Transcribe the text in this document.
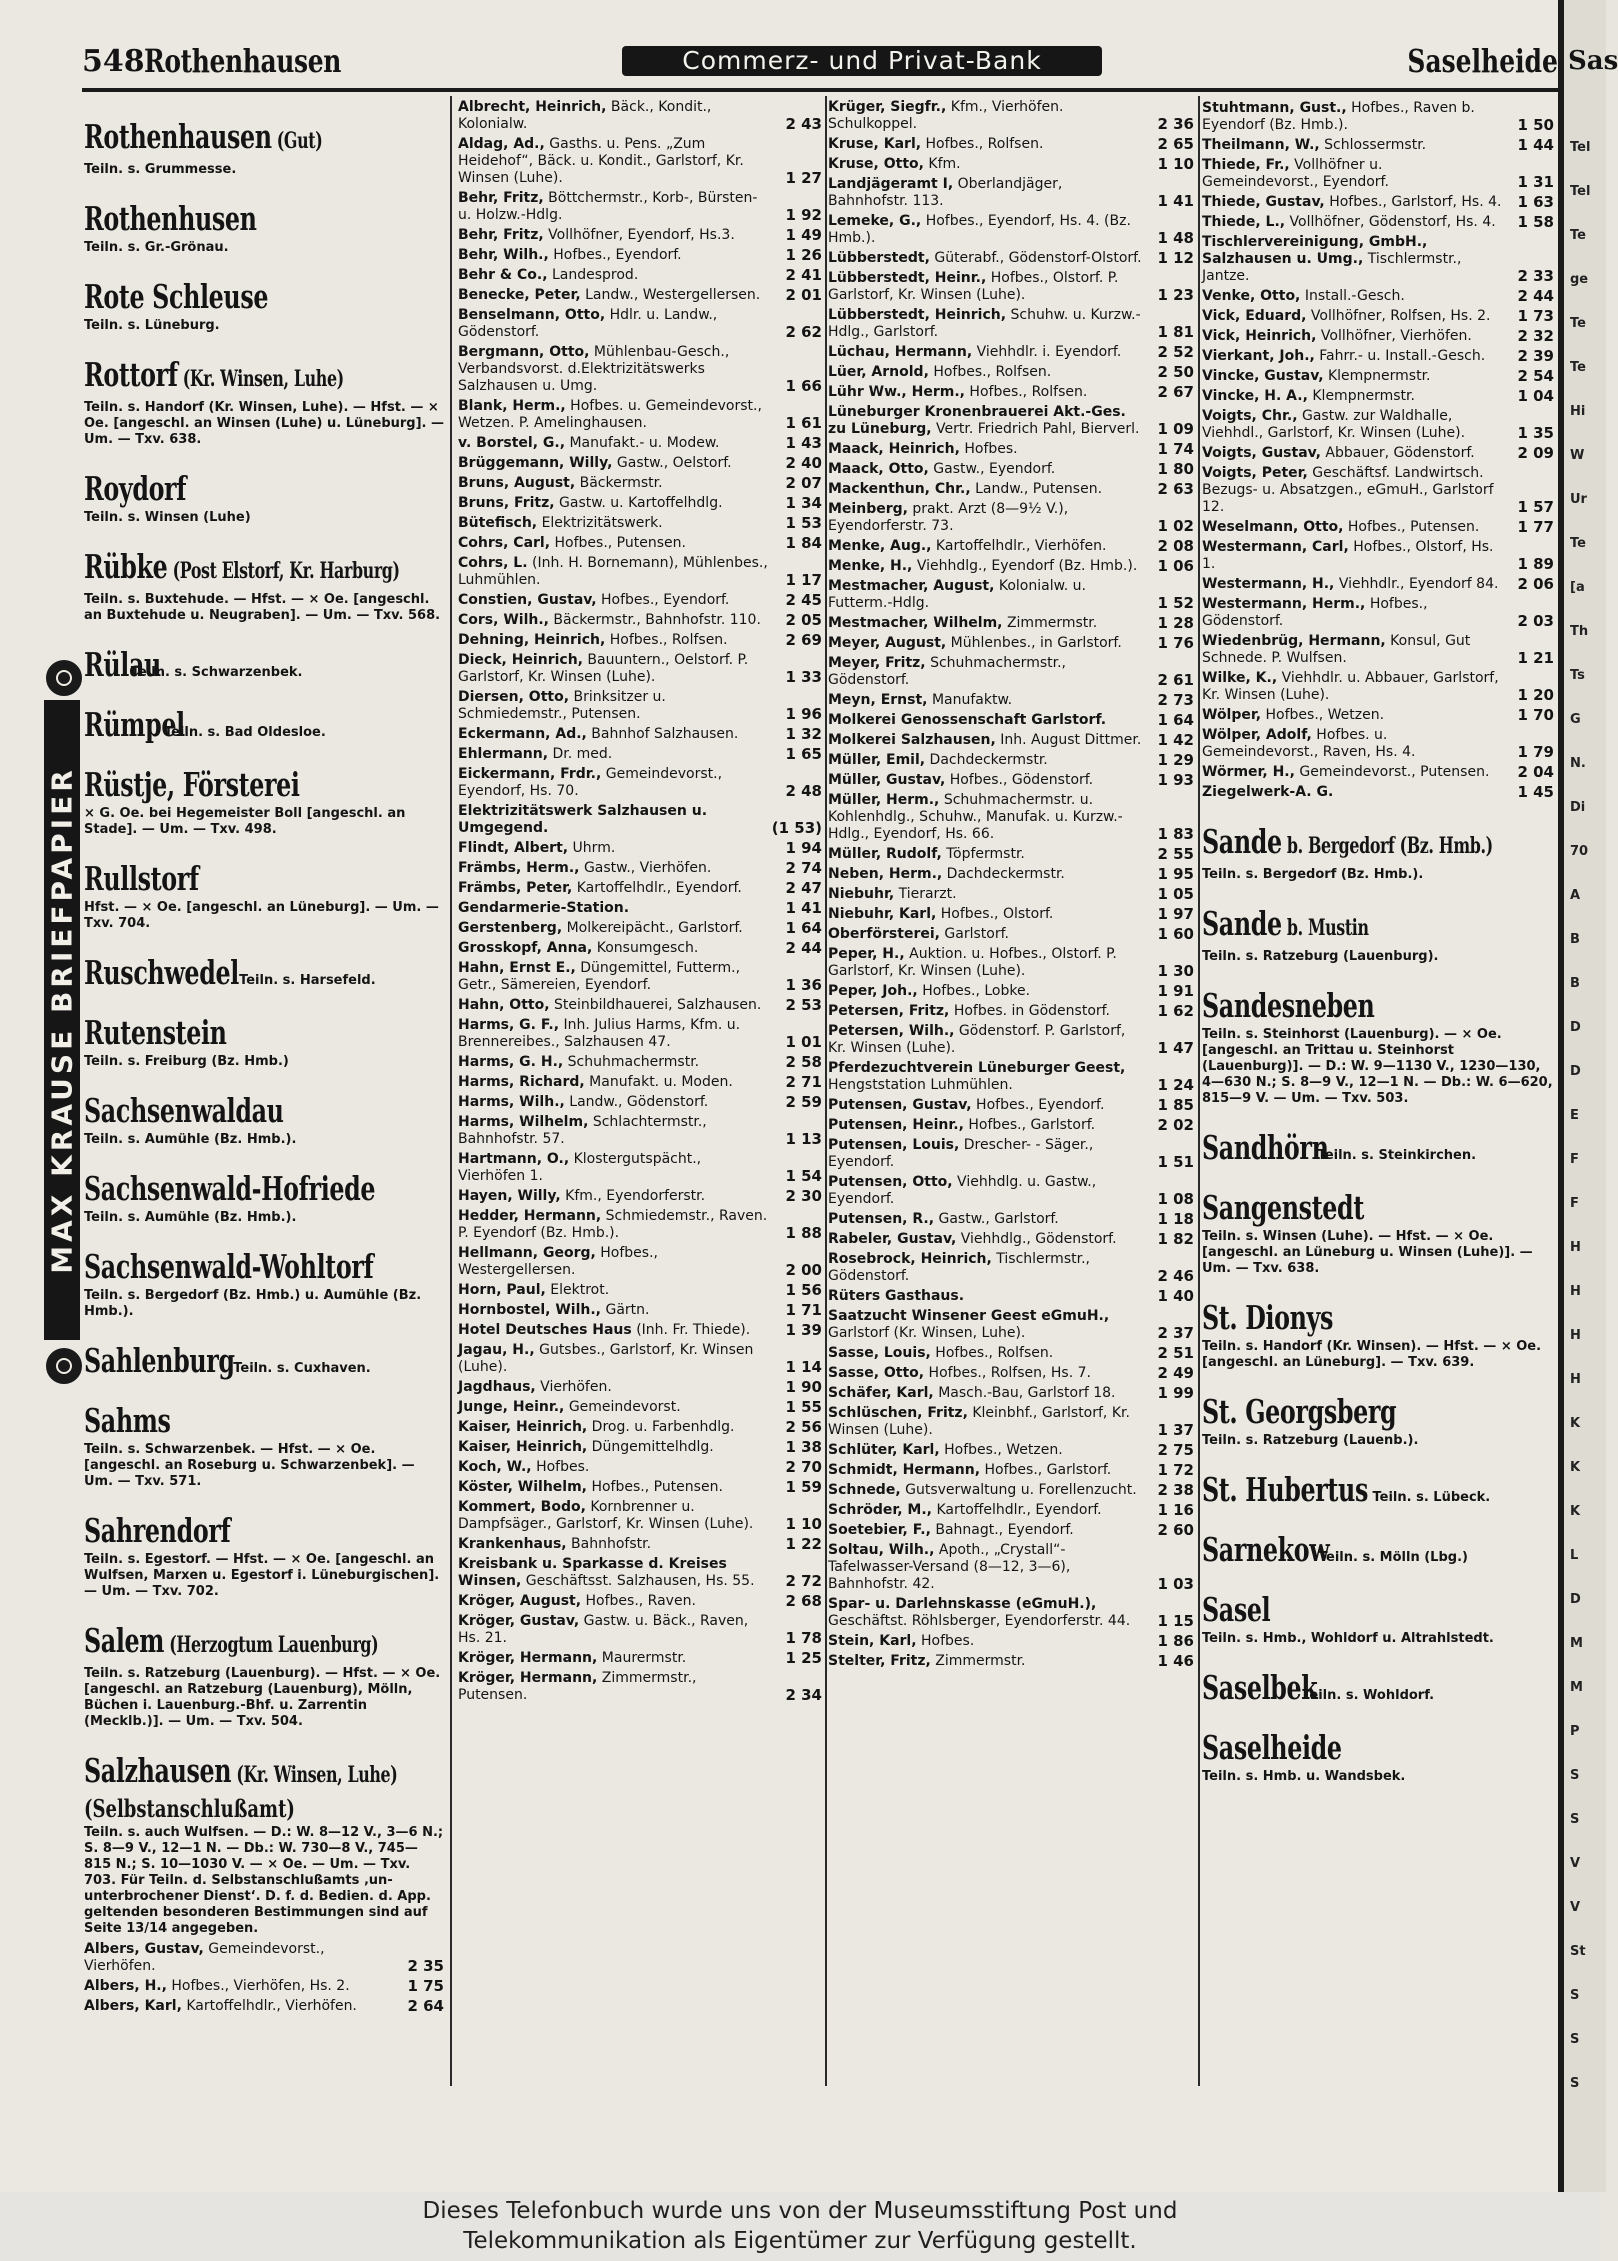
548 Rothenhausen	Commerz- und Privat-Bank	Saselheide
MAX KRAUSE BRIEFPAPIER
Rothenhausen (Gut)
Teiln. s. Grummesse.
Rothenhusen
Teiln. s. Gr.-Grönau.
Rote Schleuse
Teiln. s. Lüneburg.
Rottorf (Kr. Winsen, Luhe)
Teiln. s. Handorf (Kr. Winsen, Luhe). — Hfst. — × Oe. [angeschl. an Winsen (Luhe) u. Lüneburg]. — Um. — Txv. 638.
Roydorf
Teiln. s. Winsen (Luhe)
Rübke (Post Elstorf, Kr. Harburg)
Teiln. s. Buxtehude. — Hfst. — × Oe. [angeschl. an Buxtehude u. Neugraben]. — Um. — Txv. 568.
RülauTeiln. s. Schwarzenbek.
RümpelTeiln. s. Bad Oldesloe.
Rüstje, Försterei
× G. Oe. bei Hegemeister Boll [angeschl. an Stade]. — Um. — Txv. 498.
Rullstorf
Hfst. — × Oe. [angeschl. an Lüneburg]. — Um. — Txv. 704.
RuschwedelTeiln. s. Harsefeld.
Rutenstein
Teiln. s. Freiburg (Bz. Hmb.)
Sachsenwaldau
Teiln. s. Aumühle (Bz. Hmb.).
Sachsenwald-Hofriede
Teiln. s. Aumühle (Bz. Hmb.).
Sachsenwald-Wohltorf
Teiln. s. Bergedorf (Bz. Hmb.) u. Aumühle (Bz. Hmb.).
SahlenburgTeiln. s. Cuxhaven.
Sahms
Teiln. s. Schwarzenbek. — Hfst. — × Oe. [angeschl. an Roseburg u. Schwarzenbek]. — Um. — Txv. 571.
Sahrendorf
Teiln. s. Egestorf. — Hfst. — × Oe. [angeschl. an Wulfsen, Marxen u. Egestorf i. Lüneburgischen]. — Um. — Txv. 702.
Salem (Herzogtum Lauenburg)
Teiln. s. Ratzeburg (Lauenburg). — Hfst. — × Oe. [angeschl. an Ratzeburg (Lauenburg), Mölln, Büchen i. Lauenburg.-Bhf. u. Zarrentin (Mecklb.)]. — Um. — Txv. 504.
Salzhausen (Kr. Winsen, Luhe)
(Selbstanschlußamt)
Teiln. s. auch Wulfsen. — D.: W. 8—12 V., 3—6 N.; S. 8—9 V., 12—1 N. — Db.: W. 730—8 V., 745—815 N.; S. 10—1030 V. — × Oe. — Um. — Txv. 703. Für Teiln. d. Selbstanschlußamts ‚ununterbrochener Dienst‘. D. f. d. Bedien. d. App. geltenden besonderen Bestimmungen sind auf Seite 13/14 angegeben.
Albers, Gustav, Gemeindevorst., Vierhöfen.	2 35
Albers, H., Hofbes., Vierhöfen, Hs. 2.	1 75
Albers, Karl, Kartoffelhdlr., Vierhöfen.	2 64
Albrecht, Heinrich, Bäck., Kondit., Kolonialw.	2 43
Aldag, Ad., Gasths. u. Pens. „Zum Heidehof“, Bäck. u. Kondit., Garlstorf, Kr. Winsen (Luhe).	1 27
Behr, Fritz, Böttchermstr., Korb-, Bürsten- u. Holzw.-Hdlg.	1 92
Behr, Fritz, Vollhöfner, Eyendorf, Hs.3.	1 49
Behr, Wilh., Hofbes., Eyendorf.	1 26
Behr & Co., Landesprod.	2 41
Benecke, Peter, Landw., Westergellersen. 2 01
Benselmann, Otto, Hdlr. u. Landw., Gödenstorf.	2 62
Bergmann, Otto, Mühlenbau-Gesch., Verbandsvorst. d.Elektrizitätswerks Salzhausen u. Umg.	1 66
Blank, Herm., Hofbes. u. Gemeindevorst., Wetzen. P. Amelinghausen.	1 61
v. Borstel, G., Manufakt.- u. Modew.	1 43
Brüggemann, Willy, Gastw., Oelstorf.	2 40
Bruns, August, Bäckermstr.	2 07
Bruns, Fritz, Gastw. u. Kartoffelhdlg.	1 34
Bütefisch, Elektrizitätswerk.	1 53
Cohrs, Carl, Hofbes., Putensen.	1 84
Cohrs, L. (Inh. H. Bornemann), Mühlenbes., Luhmühlen.	1 17
Constien, Gustav, Hofbes., Eyendorf.	2 45
Cors, Wilh., Bäckermstr., Bahnhofstr. 110. 2 05
Dehning, Heinrich, Hofbes., Rolfsen.	2 69
Dieck, Heinrich, Bauuntern., Oelstorf. P. Garlstorf, Kr. Winsen (Luhe).	1 33
Diersen, Otto, Brinksitzer u. Schmiedemstr., Putensen.	1 96
Eckermann, Ad., Bahnhof Salzhausen.	1 32
Ehlermann, Dr. med.	1 65
Eickermann, Frdr., Gemeindevorst., Eyendorf, Hs. 70.	2 48
Elektrizitätswerk Salzhausen u. Umgegend.	(1 53)
Flindt, Albert, Uhrm.	1 94
Främbs, Herm., Gastw., Vierhöfen.	2 74
Främbs, Peter, Kartoffelhdlr., Eyendorf.	2 47
Gendarmerie-Station.	1 41
Gerstenberg, Molkereipächt., Garlstorf.	1 64
Grosskopf, Anna, Konsumgesch.	2 44
Hahn, Ernst E., Düngemittel, Futterm., Getr., Sämereien, Eyendorf.	1 36
Hahn, Otto, Steinbildhauerei, Salzhausen. 2 53
Harms, G. F., Inh. Julius Harms, Kfm. u. Brennereibes., Salzhausen 47.	1 01
Harms, G. H., Schuhmachermstr.	2 58
Harms, Richard, Manufakt. u. Moden.	2 71
Harms, Wilh., Landw., Gödenstorf.	2 59
Harms, Wilhelm, Schlachtermstr., Bahnhofstr. 57.	1 13
Hartmann, O., Klostergutspächt., Vierhöfen 1.	1 54
Hayen, Willy, Kfm., Eyendorferstr.	2 30
Hedder, Hermann, Schmiedemstr., Raven. P. Eyendorf (Bz. Hmb.).	1 88
Hellmann, Georg, Hofbes., Westergellersen.	2 00
Horn, Paul, Elektrot.	1 56
Hornbostel, Wilh., Gärtn.	1 71
Hotel Deutsches Haus (Inh. Fr. Thiede). 1 39
Jagau, H., Gutsbes., Garlstorf, Kr. Winsen (Luhe).	1 14
Jagdhaus, Vierhöfen.	1 90
Junge, Heinr., Gemeindevorst.	1 55
Kaiser, Heinrich, Drog. u. Farbenhdlg.	2 56
Kaiser, Heinrich, Düngemittelhdlg.	1 38
Koch, W., Hofbes.	2 70
Köster, Wilhelm, Hofbes., Putensen.	1 59
Kommert, Bodo, Kornbrenner u. Dampfsäger., Garlstorf, Kr. Winsen (Luhe). 1 10
Krankenhaus, Bahnhofstr.	1 22
Kreisbank u. Sparkasse d. Kreises Winsen, Geschäftsst. Salzhausen, Hs. 55. 2 72
Kröger, August, Hofbes., Raven.	2 68
Kröger, Gustav, Gastw. u. Bäck., Raven, Hs. 21.	1 78
Kröger, Hermann, Maurermstr.	1 25
Kröger, Hermann, Zimmermstr., Putensen.	2 34
Krüger, Siegfr., Kfm., Vierhöfen. Schulkoppel.	2 36
Kruse, Karl, Hofbes., Rolfsen.	2 65
Kruse, Otto, Kfm.	1 10
Landjägeramt I, Oberlandjäger, Bahnhofstr. 113.	1 41
Lemeke, G., Hofbes., Eyendorf, Hs. 4. (Bz. Hmb.).	1 48
Lübberstedt, Güterabf., Gödenstorf-Olstorf. 1 12
Lübberstedt, Heinr., Hofbes., Olstorf. P. Garlstorf, Kr. Winsen (Luhe).	1 23
Lübberstedt, Heinrich, Schuhw. u. Kurzw.-Hdlg., Garlstorf.	1 81
Lüchau, Hermann, Viehhdlr. i. Eyendorf. 2 52
Lüer, Arnold, Hofbes., Rolfsen.	2 50
Lühr Ww., Herm., Hofbes., Rolfsen.	2 67
Lüneburger Kronenbrauerei Akt.-Ges. zu Lüneburg, Vertr. Friedrich Pahl, Bierverl. 1 09
Maack, Heinrich, Hofbes.	1 74
Maack, Otto, Gastw., Eyendorf.	1 80
Mackenthun, Chr., Landw., Putensen.	2 63
Meinberg, prakt. Arzt (8—9½ V.), Eyendorferstr. 73.	1 02
Menke, Aug., Kartoffelhdlr., Vierhöfen.	2 08
Menke, H., Viehhdlg., Eyendorf (Bz. Hmb.). 1 06
Mestmacher, August, Kolonialw. u. Futterm.-Hdlg.	1 52
Mestmacher, Wilhelm, Zimmermstr.	1 28
Meyer, August, Mühlenbes., in Garlstorf. 1 76
Meyer, Fritz, Schuhmachermstr., Gödenstorf.	2 61
Meyn, Ernst, Manufaktw.	2 73
Molkerei Genossenschaft Garlstorf.	1 64
Molkerei Salzhausen, Inh. August Dittmer. 1 42
Müller, Emil, Dachdeckermstr.	1 29
Müller, Gustav, Hofbes., Gödenstorf.	1 93
Müller, Herm., Schuhmachermstr. u. Kohlenhdlg., Schuhw., Manufak. u. Kurzw.-Hdlg., Eyendorf, Hs. 66.	1 83
Müller, Rudolf, Töpfermstr.	2 55
Neben, Herm., Dachdeckermstr.	1 95
Niebuhr, Tierarzt.	1 05
Niebuhr, Karl, Hofbes., Olstorf.	1 97
Oberförsterei, Garlstorf.	1 60
Peper, H., Auktion. u. Hofbes., Olstorf. P. Garlstorf, Kr. Winsen (Luhe).	1 30
Peper, Joh., Hofbes., Lobke.	1 91
Petersen, Fritz, Hofbes. in Gödenstorf.	1 62
Petersen, Wilh., Gödenstorf. P. Garlstorf, Kr. Winsen (Luhe).	1 47
Pferdezuchtverein Lüneburger Geest, Hengststation Luhmühlen.	1 24
Putensen, Gustav, Hofbes., Eyendorf.	1 85
Putensen, Heinr., Hofbes., Garlstorf.	2 02
Putensen, Louis, Drescher- - Säger., Eyendorf.	1 51
Putensen, Otto, Viehhdlg. u. Gastw., Eyendorf.	1 08
Putensen, R., Gastw., Garlstorf.	1 18
Rabeler, Gustav, Viehhdlg., Gödenstorf.	1 82
Rosebrock, Heinrich, Tischlermstr., Gödenstorf.	2 46
Rüters Gasthaus.	1 40
Saatzucht Winsener Geest eGmuH., Garlstorf (Kr. Winsen, Luhe).	2 37
Sasse, Louis, Hofbes., Rolfsen.	2 51
Sasse, Otto, Hofbes., Rolfsen, Hs. 7.	2 49
Schäfer, Karl, Masch.-Bau, Garlstorf 18.	1 99
Schlüschen, Fritz, Kleinbhf., Garlstorf, Kr. Winsen (Luhe).	1 37
Schlüter, Karl, Hofbes., Wetzen.	2 75
Schmidt, Hermann, Hofbes., Garlstorf.	1 72
Schnede, Gutsverwaltung u. Forellenzucht. 2 38
Schröder, M., Kartoffelhdlr., Eyendorf.	1 16
Soetebier, F., Bahnagt., Eyendorf.	2 60
Soltau, Wilh., Apoth., „Crystall“-Tafelwasser-Versand (8—12, 3—6), Bahnhofstr. 42.	1 03
Spar- u. Darlehnskasse (eGmuH.), Geschäftst. Röhlsberger, Eyendorferstr. 44. 1 15
Stein, Karl, Hofbes.	1 86
Stelter, Fritz, Zimmermstr.	1 46
Stuhtmann, Gust., Hofbes., Raven b. Eyendorf (Bz. Hmb.).	1 50
Theilmann, W., Schlossermstr.	1 44
Thiede, Fr., Vollhöfner u. Gemeindevorst., Eyendorf.	1 31
Thiede, Gustav, Hofbes., Garlstorf, Hs. 4. 1 63
Thiede, L., Vollhöfner, Gödenstorf, Hs. 4. 1 58
Tischlervereinigung, GmbH., Salzhausen u. Umg., Tischlermstr., Jantze.	2 33
Venke, Otto, Install.-Gesch.	2 44
Vick, Eduard, Vollhöfner, Rolfsen, Hs. 2. 1 73
Vick, Heinrich, Vollhöfner, Vierhöfen.	2 32
Vierkant, Joh., Fahrr.- u. Install.-Gesch. 2 39
Vincke, Gustav, Klempnermstr.	2 54
Vincke, H. A., Klempnermstr.	1 04
Voigts, Chr., Gastw. zur Waldhalle, Viehhdl., Garlstorf, Kr. Winsen (Luhe).	1 35
Voigts, Gustav, Abbauer, Gödenstorf.	2 09
Voigts, Peter, Geschäftsf. Landwirtsch. Bezugs- u. Absatzgen., eGmuH., Garlstorf 12.	1 57
Weselmann, Otto, Hofbes., Putensen.	1 77
Westermann, Carl, Hofbes., Olstorf, Hs. 1.	1 89
Westermann, H., Viehhdlr., Eyendorf 84. 2 06
Westermann, Herm., Hofbes., Gödenstorf.	2 03
Wiedenbrüg, Hermann, Konsul, Gut Schnede. P. Wulfsen.	1 21
Wilke, K., Viehhdlr. u. Abbauer, Garlstorf, Kr. Winsen (Luhe).	1 20
Wölper, Hofbes., Wetzen.	1 70
Wölper, Adolf, Hofbes. u. Gemeindevorst., Raven, Hs. 4.	1 79
Wörmer, H., Gemeindevorst., Putensen. 2 04
Ziegelwerk-A. G.	1 45
Sande b. Bergedorf (Bz. Hmb.)
Teiln. s. Bergedorf (Bz. Hmb.).
Sande b. Mustin
Teiln. s. Ratzeburg (Lauenburg).
Sandesneben
Teiln. s. Steinhorst (Lauenburg). — × Oe. [angeschl. an Trittau u. Steinhorst (Lauenburg)]. — D.: W. 9—1130 V., 1230—130, 4—630 N.; S. 8—9 V., 12—1 N. — Db.: W. 6—620, 815—9 V. — Um. — Txv. 503.
SandhörnTeiln. s. Steinkirchen.
Sangenstedt
Teiln. s. Winsen (Luhe). — Hfst. — × Oe. [angeschl. an Lüneburg u. Winsen (Luhe)]. — Um. — Txv. 638.
St. Dionys
Teiln. s. Handorf (Kr. Winsen). — Hfst. — × Oe. [angeschl. an Lüneburg]. — Txv. 639.
St. Georgsberg
Teiln. s. Ratzeburg (Lauenb.).
St. Hubertus Teiln. s. Lübeck.
SarnekowTeiln. s. Mölln (Lbg.)
Sasel
Teiln. s. Hmb., Wohldorf u. Altrahlstedt.
SaselbekTeiln. s. Wohldorf.
Saselheide
Teiln. s. Hmb. u. Wandsbek.
Sas
Tel
Tel
Te
ge
Te
Te
Hi
W
Ur
Te
[a
Th
Ts
G
N.
Di
70
A
B
B
D
D
E
F
F
H
H
H
H
K
K
K
L
D
M
M
P
S
S
V
V
St
S
S
S
Dieses Telefonbuch wurde uns von der Museumsstiftung Post und
Telekommunikation als Eigentümer zur Verfügung gestellt.
